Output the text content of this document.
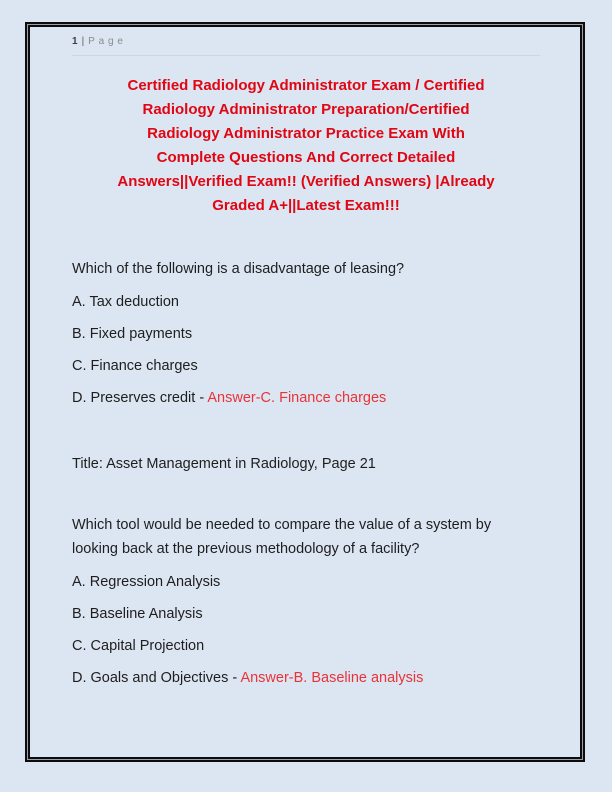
1 | Page
Certified Radiology Administrator Exam / Certified
Radiology Administrator Preparation/Certified
Radiology Administrator Practice Exam With
Complete Questions And Correct Detailed
Answers||Verified Exam!! (Verified Answers) |Already
Graded A+||Latest Exam!!!

Which of the following is a disadvantage of leasing?

A. Tax deduction

B. Fixed payments

C. Finance charges

D. Preserves credit - Answer-C. Finance charges

Title: Asset Management in Radiology, Page 21

Which tool would be needed to compare the value of a system by looking back at the previous methodology of a facility?

A. Regression Analysis

B. Baseline Analysis

C. Capital Projection

D. Goals and Objectives - Answer-B. Baseline analysis
